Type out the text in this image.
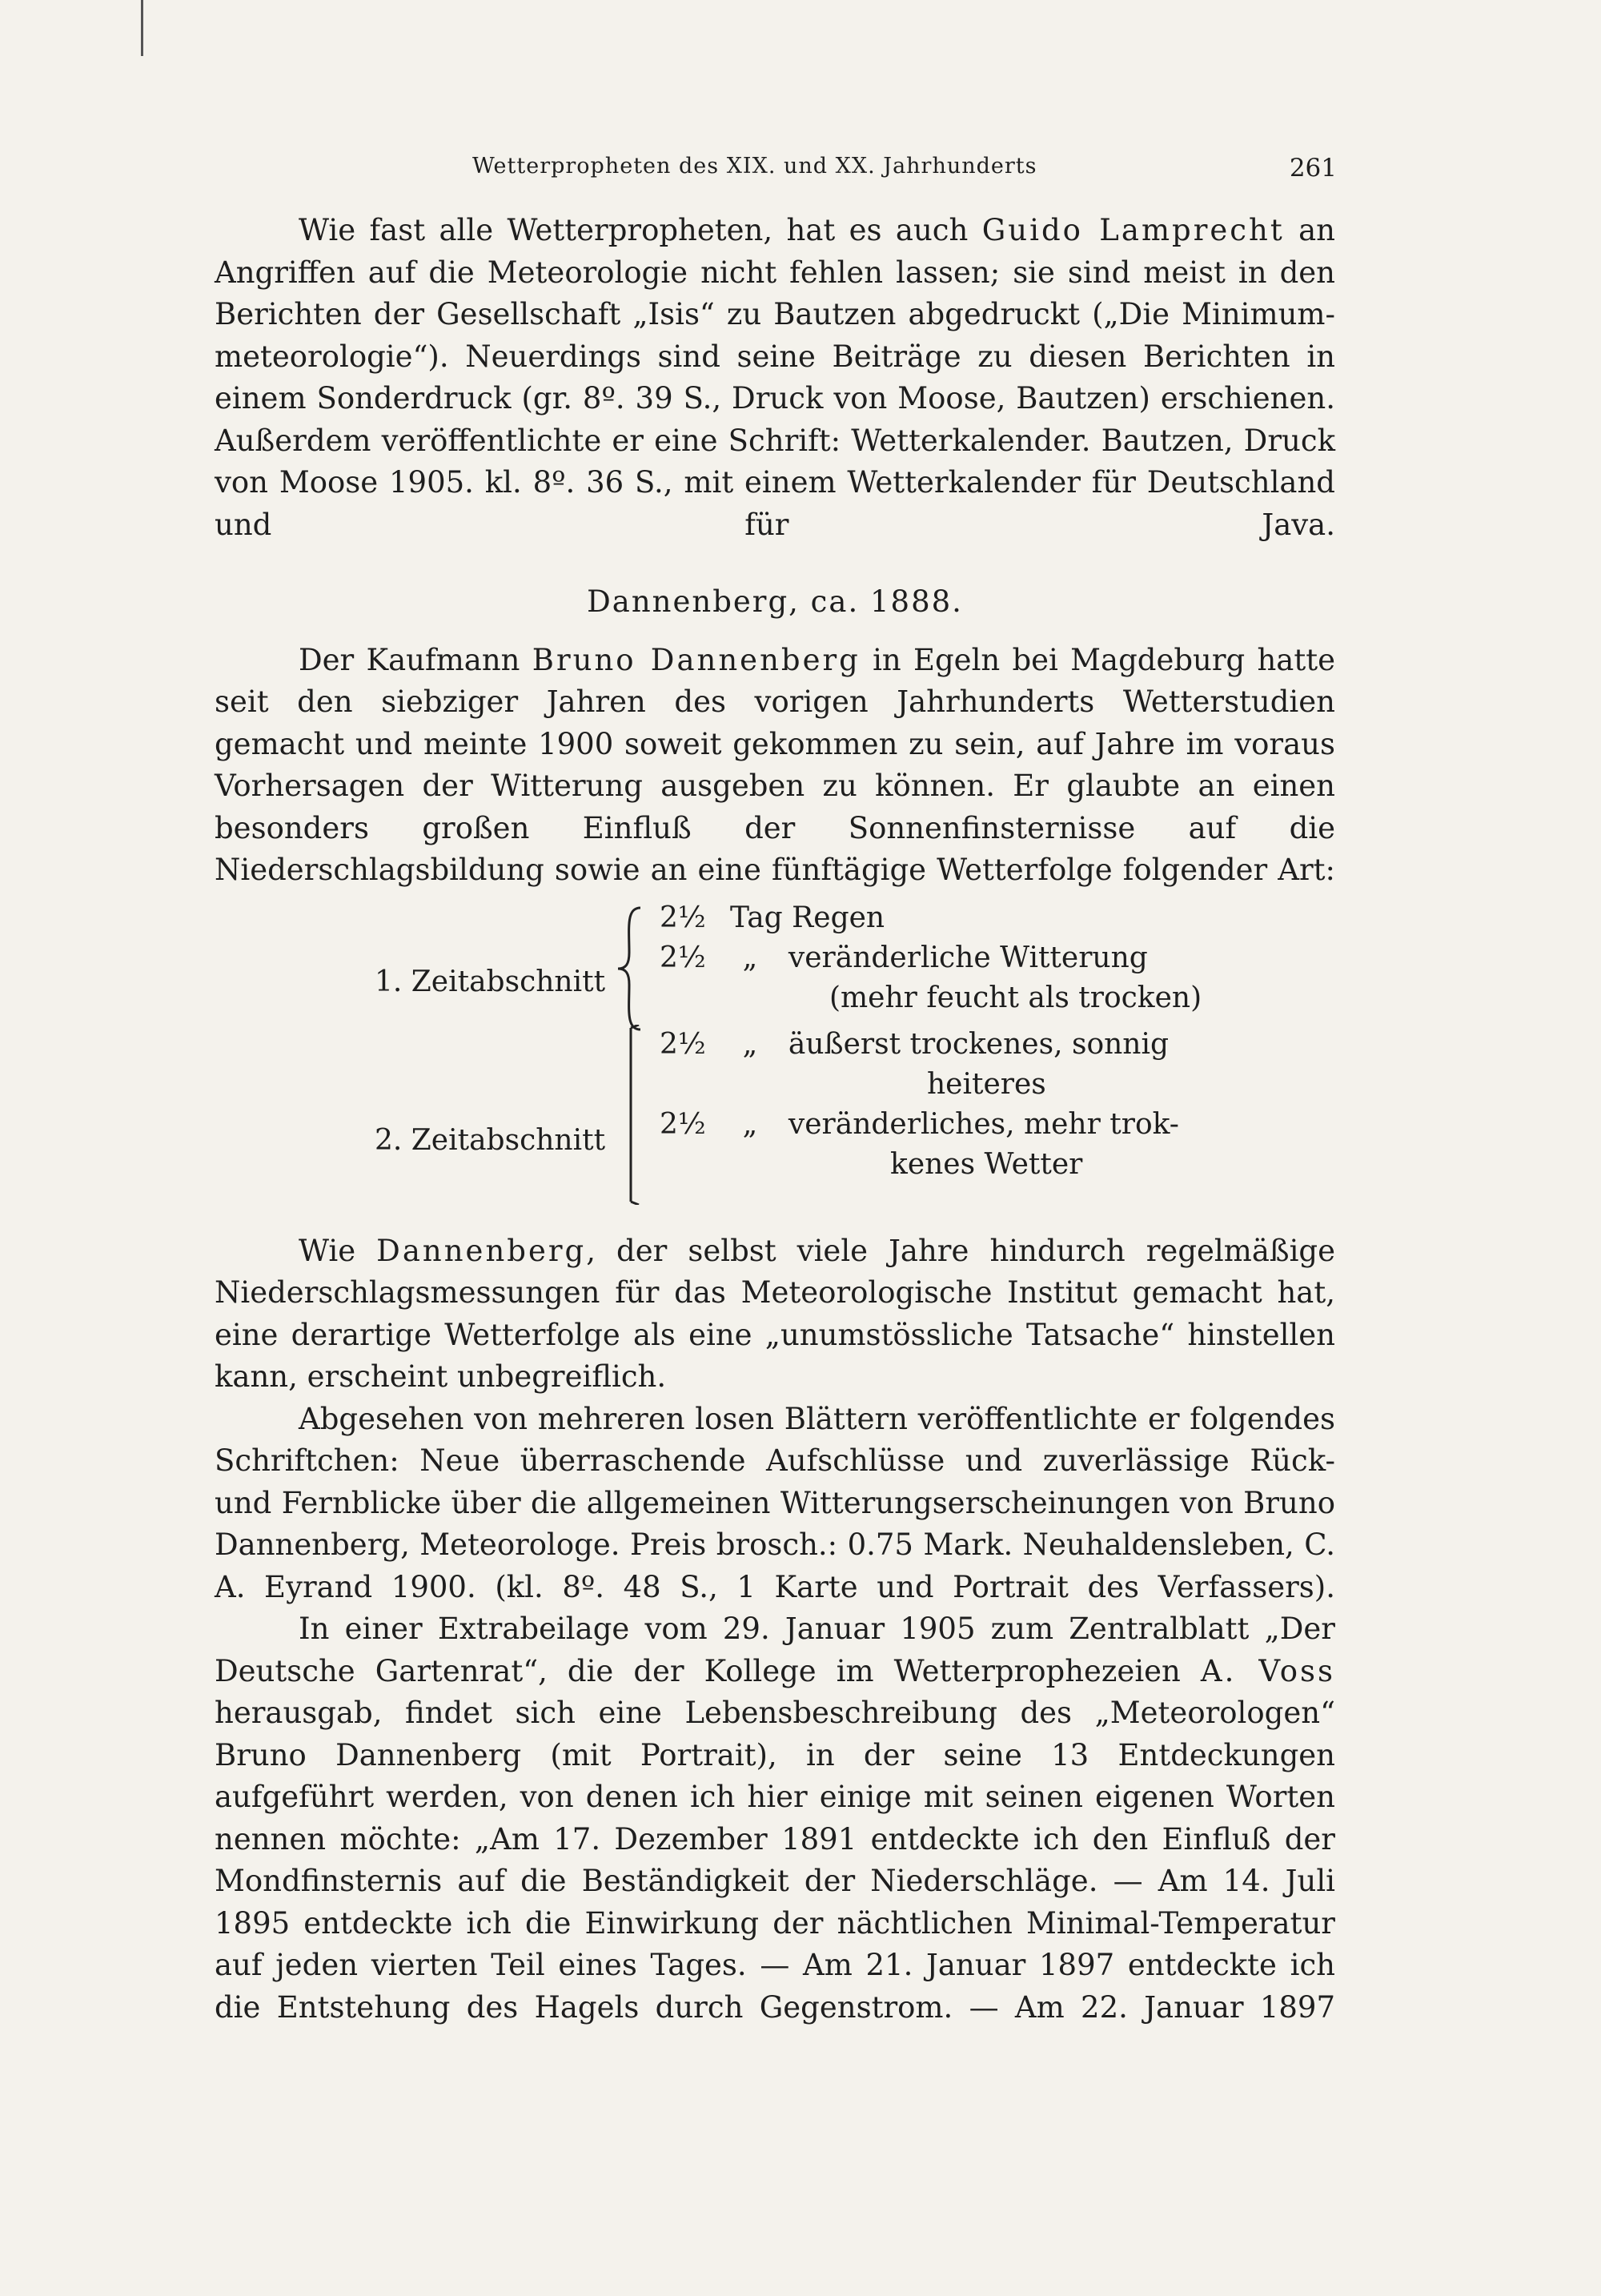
Wetterpropheten des XIX. und XX. Jahrhunderts	261

Wie fast alle Wetterpropheten, hat es auch Guido Lamprecht an Angriffen auf die Meteorologie nicht fehlen lassen; sie sind meist in den Berichten der Gesellschaft „Isis“ zu Bautzen abgedruckt („Die Minimum-meteorologie“). Neuerdings sind seine Beiträge zu diesen Berichten in einem Sonderdruck (gr. 8º. 39 S., Druck von Moose, Bautzen) erschienen. Außerdem veröffentlichte er eine Schrift: Wetterkalender. Bautzen, Druck von Moose 1905. kl. 8º. 36 S., mit einem Wetterkalender für Deutschland und für Java.

Dannenberg, ca. 1888.

Der Kaufmann Bruno Dannenberg in Egeln bei Magdeburg hatte seit den siebziger Jahren des vorigen Jahrhunderts Wetterstudien gemacht und meinte 1900 soweit gekommen zu sein, auf Jahre im voraus Vorhersagen der Witterung ausgeben zu können. Er glaubte an einen besonders großen Einfluß der Sonnenfinsternisse auf die Niederschlagsbildung sowie an eine fünftägige Wetterfolge folgender Art:

1. Zeitabschnitt
2½ Tag Regen
2½ „ veränderliche Witterung
(mehr feucht als trocken)
2. Zeitabschnitt
2½ „ äußerst trockenes, sonnig
heiteres
2½ „ veränderliches, mehr trok-
kenes Wetter

Wie Dannenberg, der selbst viele Jahre hindurch regelmäßige Niederschlagsmessungen für das Meteorologische Institut gemacht hat, eine derartige Wetterfolge als eine „unumstössliche Tatsache“ hinstellen kann, erscheint unbegreiflich.

Abgesehen von mehreren losen Blättern veröffentlichte er folgendes Schriftchen: Neue überraschende Aufschlüsse und zuverlässige Rück- und Fernblicke über die allgemeinen Witterungserscheinungen von Bruno Dannenberg, Meteorologe. Preis brosch.: 0.75 Mark. Neuhaldensleben, C. A. Eyrand 1900. (kl. 8º. 48 S., 1 Karte und Portrait des Verfassers).

In einer Extrabeilage vom 29. Januar 1905 zum Zentralblatt „Der Deutsche Gartenrat“, die der Kollege im Wetterprophezeien A. Voss herausgab, findet sich eine Lebensbeschreibung des „Meteorologen“ Bruno Dannenberg (mit Portrait), in der seine 13 Entdeckungen aufgeführt werden, von denen ich hier einige mit seinen eigenen Worten nennen möchte: „Am 17. Dezember 1891 entdeckte ich den Einfluß der Mondfinsternis auf die Beständigkeit der Niederschläge. — Am 14. Juli 1895 entdeckte ich die Einwirkung der nächtlichen Minimal-Temperatur auf jeden vierten Teil eines Tages. — Am 21. Januar 1897 entdeckte ich die Entstehung des Hagels durch Gegenstrom. — Am 22. Januar 1897
